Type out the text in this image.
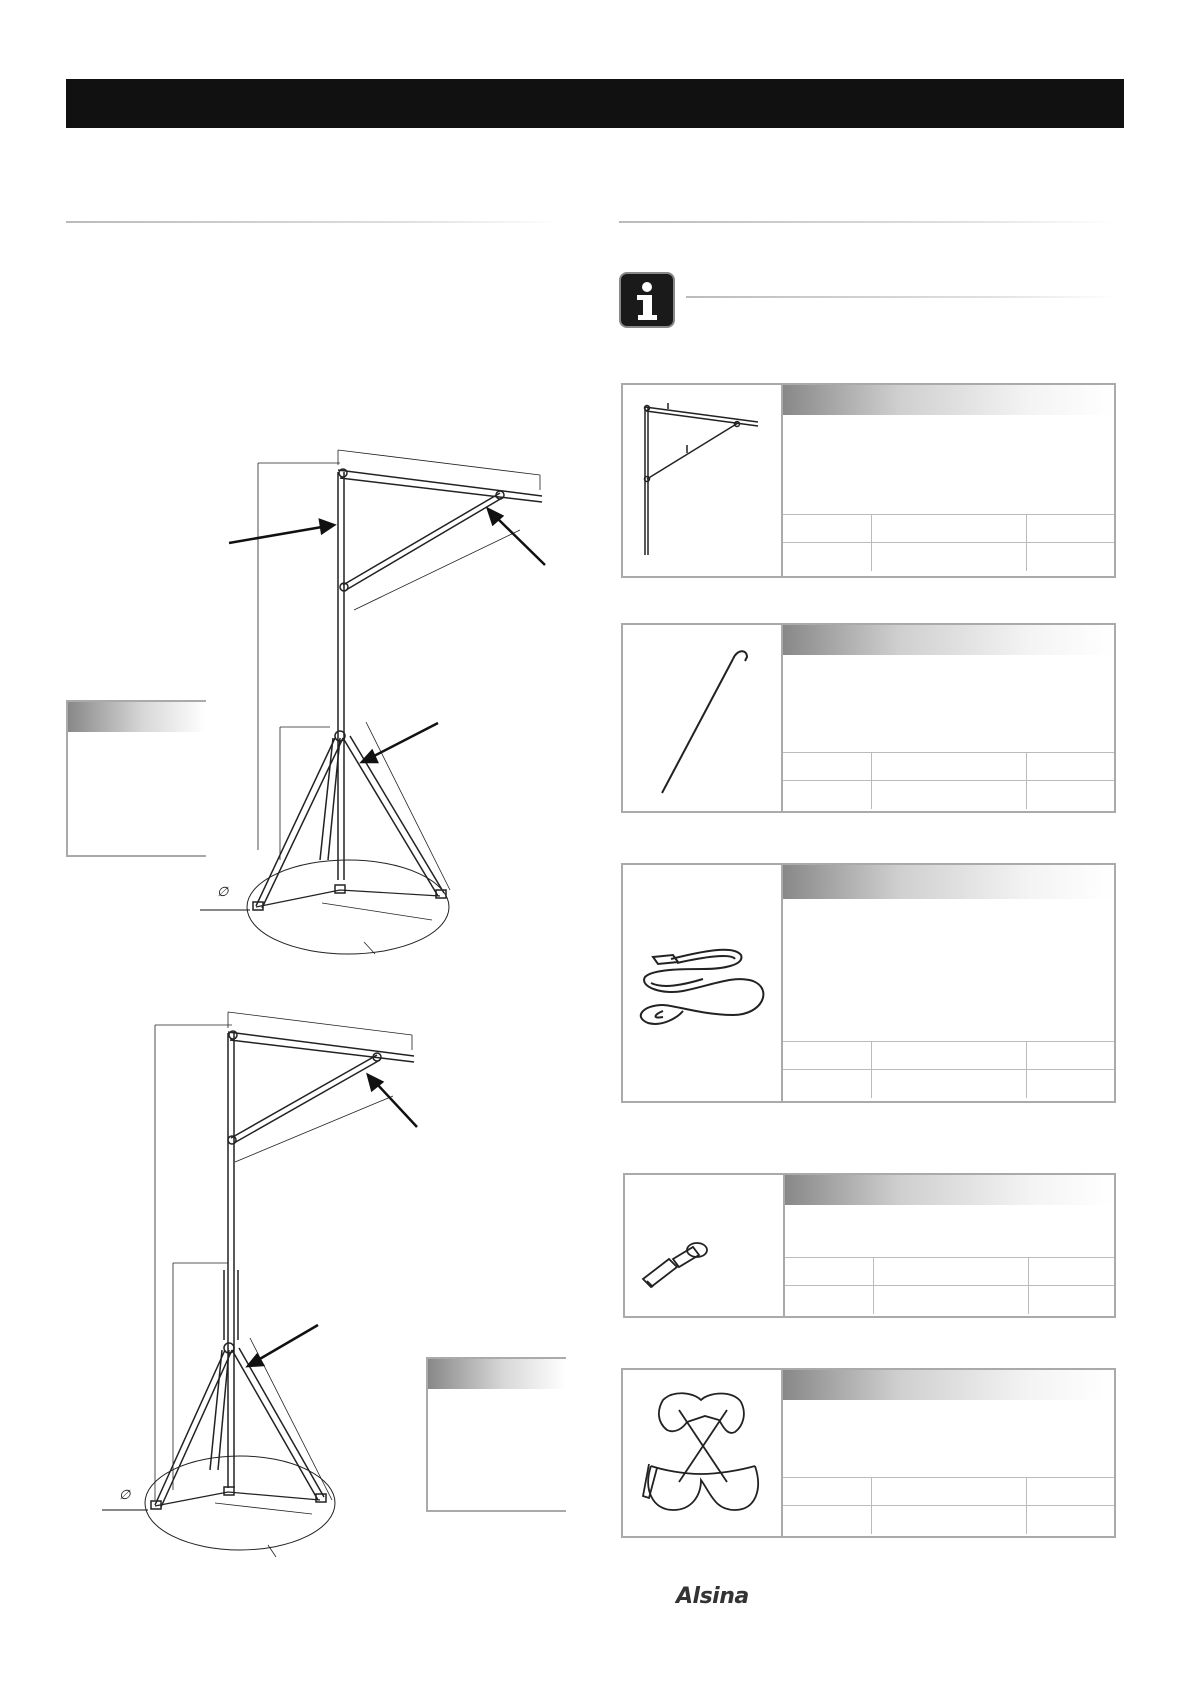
∅
∅
Alsina
